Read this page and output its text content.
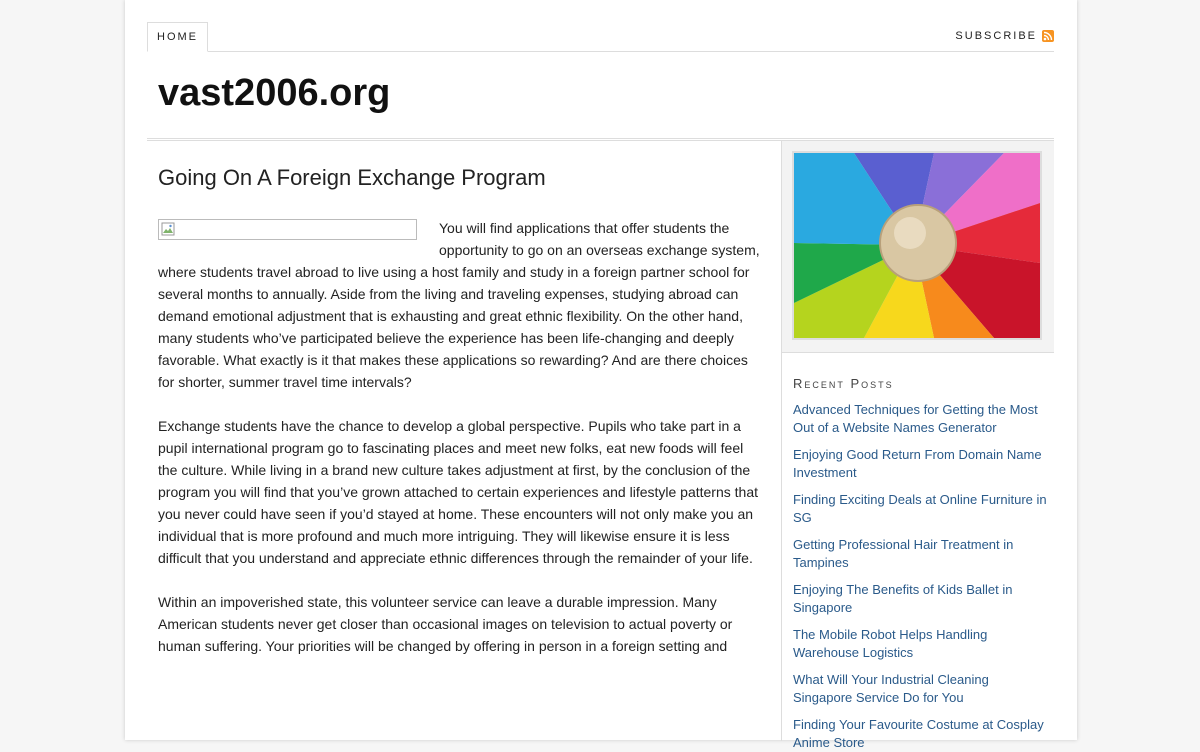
HOME	SUBSCRIBE
vast2006.org
Going On A Foreign Exchange Program

You will find applications that offer students the opportunity to go on an overseas exchange system, where students travel abroad to live using a host family and study in a foreign partner school for several months to annually. Aside from the living and traveling expenses, studying abroad can demand emotional adjustment that is exhausting and great ethnic flexibility. On the other hand, many students who’ve participated believe the experience has been life-changing and deeply favorable. What exactly is it that makes these applications so rewarding? And are there choices for shorter, summer travel time intervals?

Exchange students have the chance to develop a global perspective. Pupils who take part in a pupil international program go to fascinating places and meet new folks, eat new foods will feel the culture. While living in a brand new culture takes adjustment at first, by the conclusion of the program you will find that you’ve grown attached to certain experiences and lifestyle patterns that you never could have seen if you’d stayed at home. These encounters will not only make you an individual that is more profound and much more intriguing. They will likewise ensure it is less difficult that you understand and appreciate ethnic differences through the remainder of your life.

Within an impoverished state, this volunteer service can leave a durable impression. Many American students never get closer than occasional images on television to actual poverty or human suffering. Your priorities will be changed by offering in person in a foreign setting and

Recent Posts
Advanced Techniques for Getting the Most Out of a Website Names Generator
Enjoying Good Return From Domain Name Investment
Finding Exciting Deals at Online Furniture in SG
Getting Professional Hair Treatment in Tampines
Enjoying The Benefits of Kids Ballet in Singapore
The Mobile Robot Helps Handling Warehouse Logistics
What Will Your Industrial Cleaning Singapore Service Do for You
Finding Your Favourite Costume at Cosplay Anime Store
